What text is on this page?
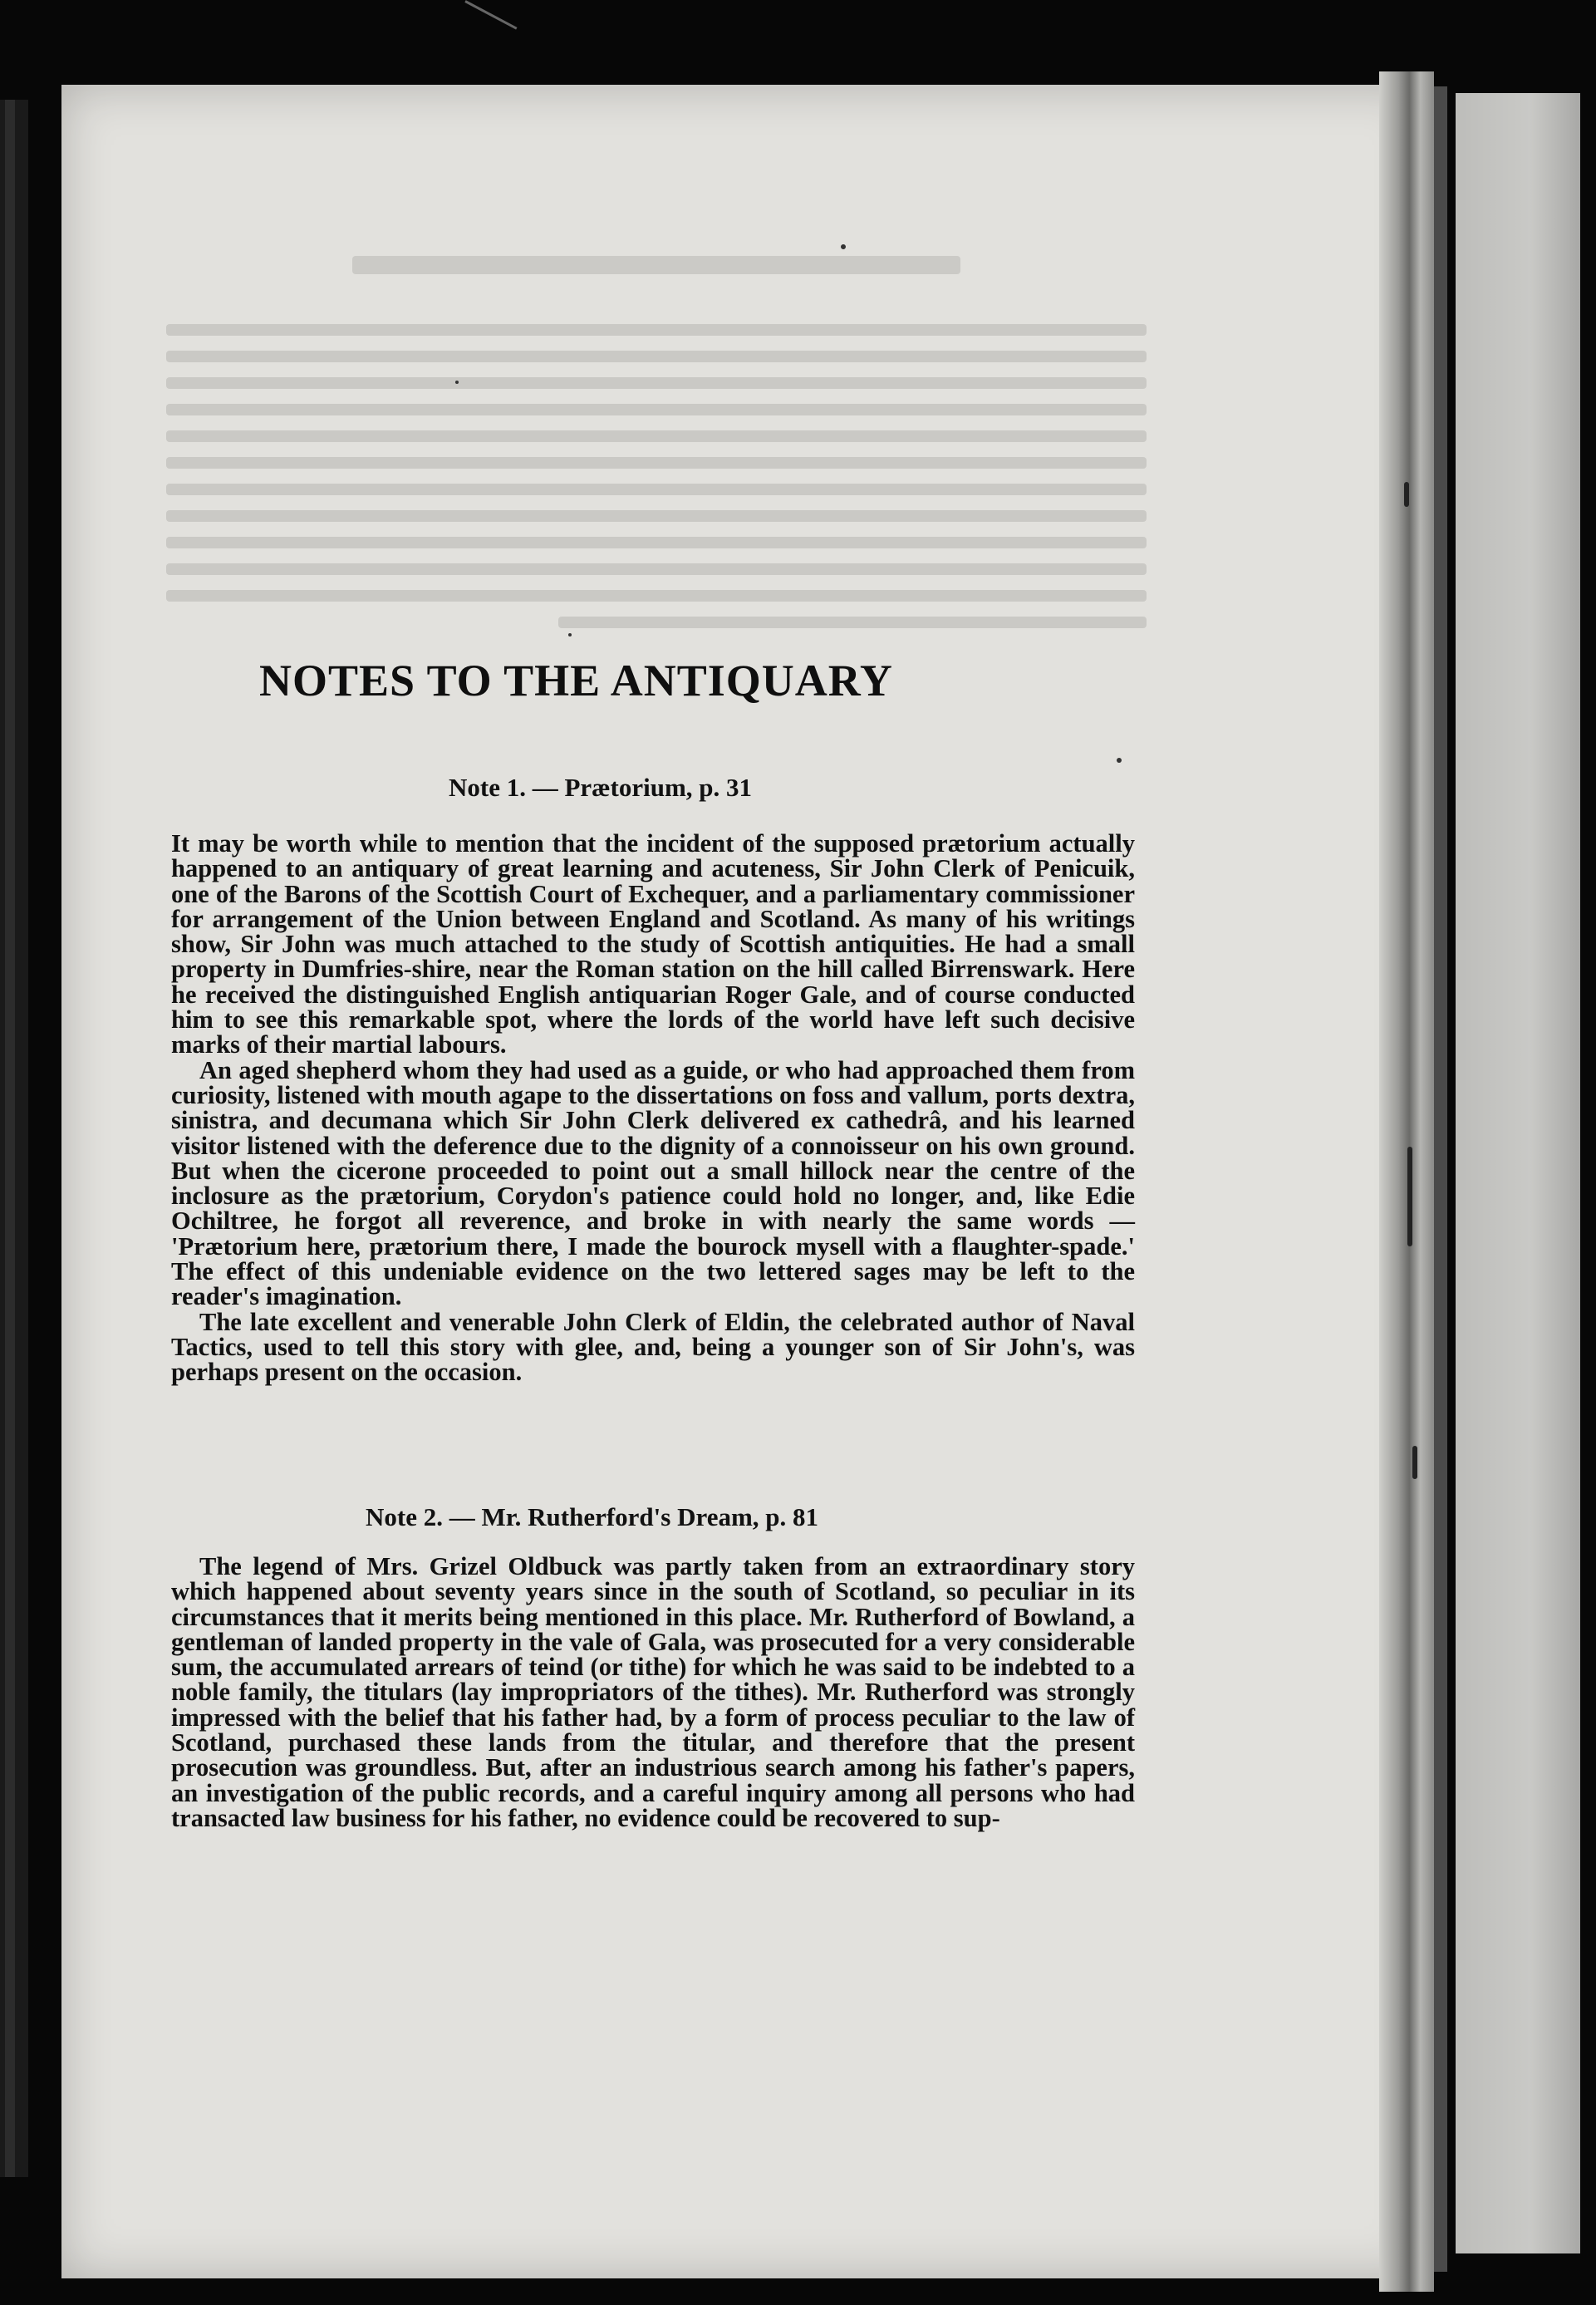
NOTES TO THE ANTIQUARY
Note 1. — Prætorium, p. 31

It may be worth while to mention that the incident of the supposed prætorium actually happened to an antiquary of great learning and acuteness, Sir John Clerk of Penicuik, one of the Barons of the Scottish Court of Exchequer, and a parliamentary commissioner for arrangement of the Union between England and Scotland. As many of his writings show, Sir John was much attached to the study of Scottish antiquities. He had a small property in Dumfries-shire, near the Roman station on the hill called Birrenswark. Here he received the distinguished English antiquarian Roger Gale, and of course conducted him to see this remarkable spot, where the lords of the world have left such decisive marks of their martial labours.

An aged shepherd whom they had used as a guide, or who had approached them from curiosity, listened with mouth agape to the dissertations on foss and vallum, ports dextra, sinistra, and decumana which Sir John Clerk delivered ex cathedrâ, and his learned visitor listened with the deference due to the dignity of a connoisseur on his own ground. But when the cicerone proceeded to point out a small hillock near the centre of the inclosure as the prætorium, Corydon's patience could hold no longer, and, like Edie Ochiltree, he forgot all reverence, and broke in with nearly the same words — 'Prætorium here, prætorium there, I made the bourock mysell with a flaughter-spade.' The effect of this undeniable evidence on the two lettered sages may be left to the reader's imagination.

The late excellent and venerable John Clerk of Eldin, the celebrated author of Naval Tactics, used to tell this story with glee, and, being a younger son of Sir John's, was perhaps present on the occasion.

Note 2. — Mr. Rutherford's Dream, p. 81

The legend of Mrs. Grizel Oldbuck was partly taken from an extraordinary story which happened about seventy years since in the south of Scotland, so peculiar in its circumstances that it merits being mentioned in this place. Mr. Rutherford of Bowland, a gentleman of landed property in the vale of Gala, was prosecuted for a very considerable sum, the accumulated arrears of teind (or tithe) for which he was said to be indebted to a noble family, the titulars (lay impropriators of the tithes). Mr. Rutherford was strongly impressed with the belief that his father had, by a form of process peculiar to the law of Scotland, purchased these lands from the titular, and therefore that the present prosecution was groundless. But, after an industrious search among his father's papers, an investigation of the public records, and a careful inquiry among all persons who had transacted law business for his father, no evidence could be recovered to sup-
